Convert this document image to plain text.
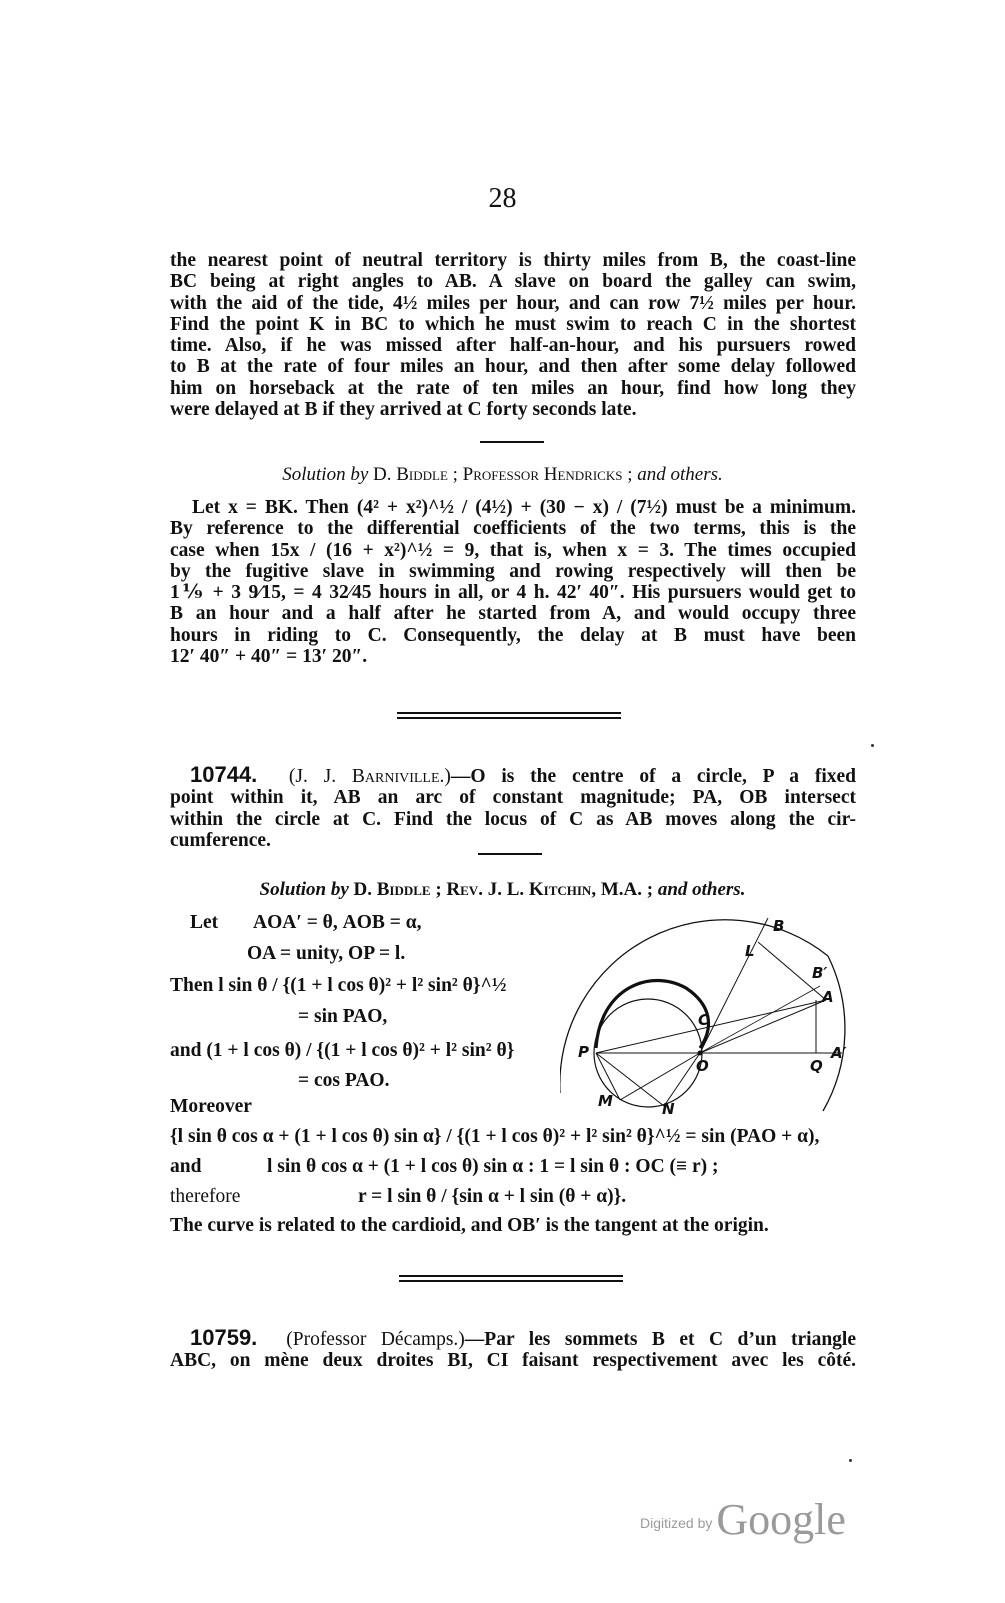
28
the nearest point of neutral territory is thirty miles from B, the coast-line
BC being at right angles to AB. A slave on board the galley can swim,
with the aid of the tide, 4½ miles per hour, and can row 7½ miles per hour.
Find the point K in BC to which he must swim to reach C in the shortest
time. Also, if he was missed after half-an-hour, and his pursuers rowed
to B at the rate of four miles an hour, and then after some delay followed
him on horseback at the rate of ten miles an hour, find how long they
were delayed at B if they arrived at C forty seconds late.
Solution by D. Biddle ; Professor Hendricks ; and others.
Let x = BK. Then (4² + x²)^½ / (4½) + (30 − x) / (7½) must be a minimum.
By reference to the differential coefficients of the two terms, this is the
case when 15x / (16 + x²)^½ = 9, that is, when x = 3. The times occupied
by the fugitive slave in swimming and rowing respectively will then be
1⅑ + 3 9⁄15, = 4 32⁄45 hours in all, or 4 h. 42′ 40″. His pursuers would get to
B an hour and a half after he started from A, and would occupy three
hours in riding to C. Consequently, the delay at B must have been
12′ 40″ + 40″ = 13′ 20″.
10744. (J. J. Barniville.)—O is the centre of a circle, P a fixed
point within it, AB an arc of constant magnitude; PA, OB intersect
within the circle at C. Find the locus of C as AB moves along the cir-
cumference.
Solution by D. Biddle ; Rev. J. L. Kitchin, M.A. ; and others.
Let AOA′ = θ, AOB = α,
OA = unity, OP = l.
Then l sin θ / {(1 + l cos θ)² + l² sin² θ}^½
= sin PAO,
and (1 + l cos θ) / {(1 + l cos θ)² + l² sin² θ}
= cos PAO.
Moreover
{l sin θ cos α + (1 + l cos θ) sin α} / {(1 + l cos θ)² + l² sin² θ}^½ = sin (PAO + α),
and	l sin θ cos α + (1 + l cos θ) sin α : 1 = l sin θ : OC (≡ r) ;
therefore	r = l sin θ / {sin α + l sin (θ + α)}.
The curve is related to the cardioid, and OB′ is the tangent at the origin.
B
L
B′
A
C
P
O	Q
A′
M	N
10759. (Professor Décamps.)—Par les sommets B et C d’un triangle
ABC, on mène deux droites BI, CI faisant respectivement avec les côté.
Digitized byGoogle
